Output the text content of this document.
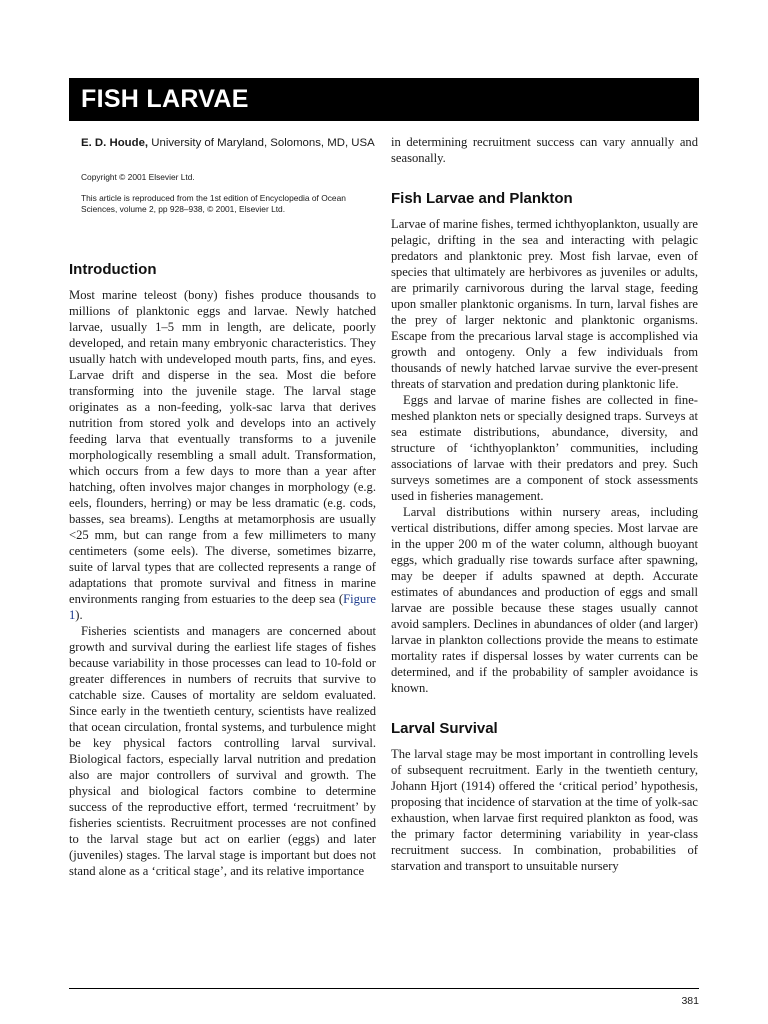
FISH LARVAE
E. D. Houde, University of Maryland, Solomons, MD, USA
Copyright © 2001 Elsevier Ltd.
This article is reproduced from the 1st edition of Encyclopedia of Ocean Sciences, volume 2, pp 928–938, © 2001, Elsevier Ltd.
Introduction

Most marine teleost (bony) fishes produce thousands to millions of planktonic eggs and larvae. Newly hatched larvae, usually 1–5 mm in length, are delicate, poorly developed, and retain many embryonic characteristics. They usually hatch with undeveloped mouth parts, fins, and eyes. Larvae drift and disperse in the sea. Most die before transforming into the juvenile stage. The larval stage originates as a non-feeding, yolk-sac larva that derives nutrition from stored yolk and develops into an actively feeding larva that eventually transforms to a juvenile morphologically resembling a small adult. Transformation, which occurs from a few days to more than a year after hatching, often involves major changes in morphology (e.g. eels, flounders, herring) or may be less dramatic (e.g. cods, basses, sea breams). Lengths at metamorphosis are usually <25 mm, but can range from a few millimeters to many centimeters (some eels). The diverse, sometimes bizarre, suite of larval types that are collected represents a range of adaptations that promote survival and fitness in marine environments ranging from estuaries to the deep sea (Figure 1).

Fisheries scientists and managers are concerned about growth and survival during the earliest life stages of fishes because variability in those processes can lead to 10-fold or greater differences in numbers of recruits that survive to catchable size. Causes of mortality are seldom evaluated. Since early in the twentieth century, scientists have realized that ocean circulation, frontal systems, and turbulence might be key physical factors controlling larval survival. Biological factors, especially larval nutrition and predation also are major controllers of survival and growth. The physical and biological factors combine to determine success of the reproductive effort, termed ‘recruitment’ by fisheries scientists. Recruitment processes are not confined to the larval stage but act on earlier (eggs) and later (juveniles) stages. The larval stage is important but does not stand alone as a ‘critical stage’, and its relative importance

in determining recruitment success can vary annually and seasonally.

Fish Larvae and Plankton

Larvae of marine fishes, termed ichthyoplankton, usually are pelagic, drifting in the sea and interacting with pelagic predators and planktonic prey. Most fish larvae, even of species that ultimately are herbivores as juveniles or adults, are primarily carnivorous during the larval stage, feeding upon smaller planktonic organisms. In turn, larval fishes are the prey of larger nektonic and planktonic organisms. Escape from the precarious larval stage is accomplished via growth and ontogeny. Only a few individuals from thousands of newly hatched larvae survive the ever-present threats of starvation and predation during planktonic life.

Eggs and larvae of marine fishes are collected in fine-meshed plankton nets or specially designed traps. Surveys at sea estimate distributions, abundance, diversity, and structure of ‘ichthyoplankton’ communities, including associations of larvae with their predators and prey. Such surveys sometimes are a component of stock assessments used in fisheries management.

Larval distributions within nursery areas, including vertical distributions, differ among species. Most larvae are in the upper 200 m of the water column, although buoyant eggs, which gradually rise towards surface after spawning, may be deeper if adults spawned at depth. Accurate estimates of abundances and production of eggs and small larvae are possible because these stages usually cannot avoid samplers. Declines in abundances of older (and larger) larvae in plankton collections provide the means to estimate mortality rates if dispersal losses by water currents can be determined, and if the probability of sampler avoidance is known.

Larval Survival

The larval stage may be most important in controlling levels of subsequent recruitment. Early in the twentieth century, Johann Hjort (1914) offered the ‘critical period’ hypothesis, proposing that incidence of starvation at the time of yolk-sac exhaustion, when larvae first required plankton as food, was the primary factor determining variability in year-class recruitment success. In combination, probabilities of starvation and transport to unsuitable nursery

381
